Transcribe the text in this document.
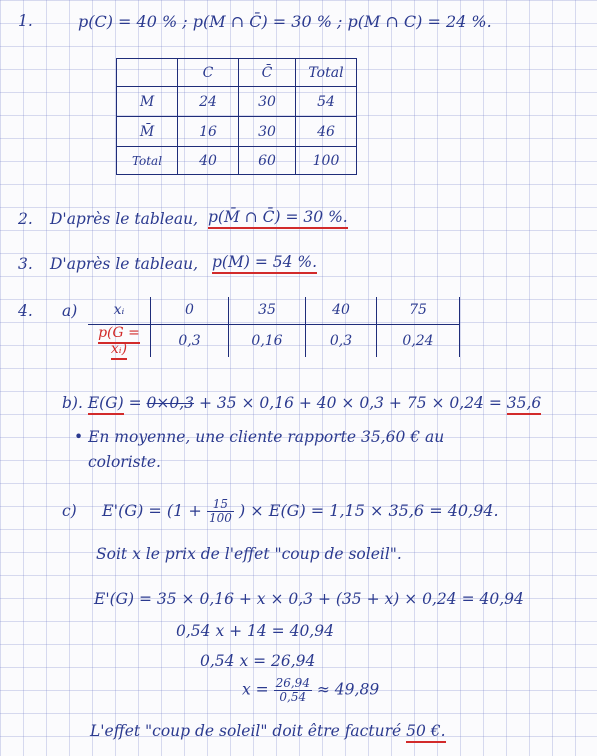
1.	p(C) = 40 % ; p(M ∩ C̄) = 30 % ; p(M ∩ C) = 24 %.
	C	C̄	Total
M	24	30	54
M̄	16	30	46
Total	40	60	100
2. D'après le tableau, p(M̄ ∩ C̄) = 30 %.
3. D'après le tableau, p(M) = 54 %.
4. a)	xᵢ	0	35	40	75
p(G = xᵢ)	0,3	0,16	0,3	0,24
b). E(G) = 0×0,3 + 35 × 0,16 + 40 × 0,3 + 75 × 0,24 = 35,6
• En moyenne, une cliente rapporte 35,60 € au
coloriste.
c) $E'(G) = (1 + \frac{15}{100}$ ) × E(G) = 1,15 × 35,6 = 40,94.
Soit x le prix de l'effet "coup de soleil".
E'(G) = 35 × 0,16 + x × 0,3 + (35 + x) × 0,24 = 40,94
0,54 x + 14 = 40,94
0,54 x = 26,94
$x = \frac{26,94}{0,54} \approx 49,89$
L'effet "coup de soleil" doit être facturé 50 €.
